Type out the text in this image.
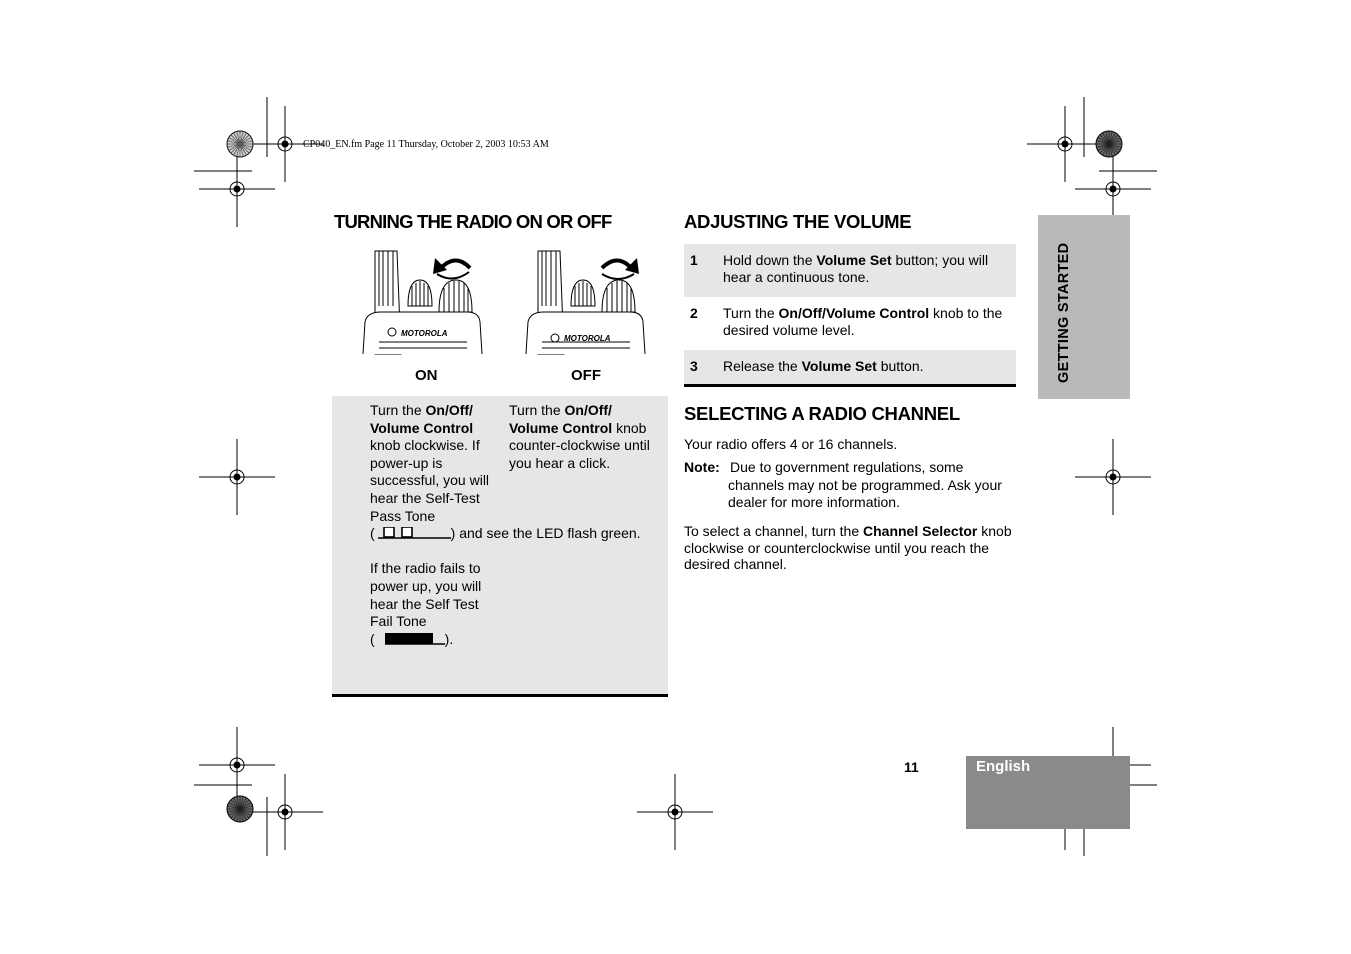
CP040_EN.fm Page 11 Thursday, October 2, 2003 10:53 AM
TURNING THE RADIO ON OR OFF
MOTOROLA
MOTOROLA
ON	OFF

Turn the On/Off/ Volume Control knob clockwise. If power-up is successful, you will hear the Self-Test Pass Tone

(	) and see the LED flash green.

If the radio fails to power up, you will hear the Self Test Fail Tone

(	).

Turn the On/Off/ Volume Control knob counter-clockwise until you hear a click.

ADJUSTING THE VOLUME
1 Hold down the Volume Set button; you will hear a continuous tone.
2 Turn the On/Off/Volume Control knob to the desired volume level.
3 Release the Volume Set button.
SELECTING A RADIO CHANNEL
Your radio offers 4 or 16 channels.
Note: Due to government regulations, some channels may not be programmed. Ask your dealer for more information.
To select a channel, turn the Channel Selector knob clockwise or counterclockwise until you reach the desired channel.
GETTING STARTED
11	English
